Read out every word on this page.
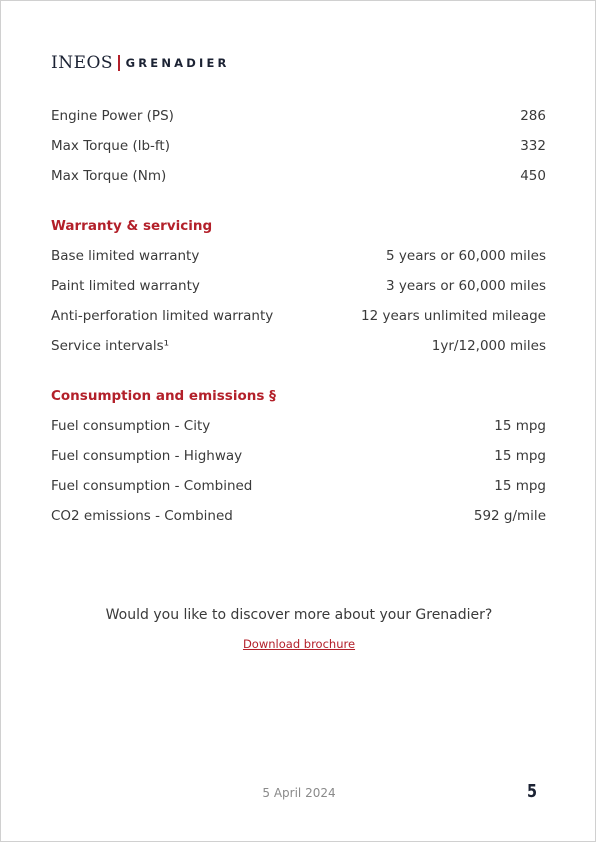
INEOS GRENADIER
Engine Power (PS)	286
Max Torque (lb-ft)	332
Max Torque (Nm)	450
Warranty & servicing
Base limited warranty	5 years or 60,000 miles
Paint limited warranty	3 years or 60,000 miles
Anti-perforation limited warranty	12 years unlimited mileage
Service intervals¹	1yr/12,000 miles
Consumption and emissions §
Fuel consumption - City	15 mpg
Fuel consumption - Highway	15 mpg
Fuel consumption - Combined	15 mpg
CO2 emissions - Combined	592 g/mile
Would you like to discover more about your Grenadier?
Download brochure
5 April 2024	5
